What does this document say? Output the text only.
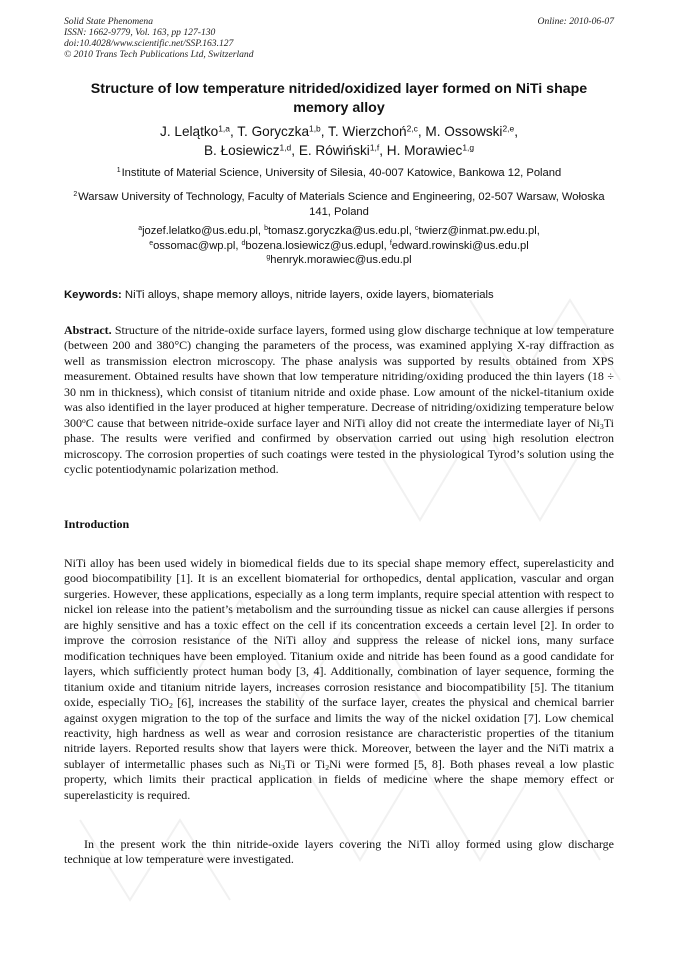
Solid State Phenomena
ISSN: 1662-9779, Vol. 163, pp 127-130
doi:10.4028/www.scientific.net/SSP.163.127
© 2010 Trans Tech Publications Ltd, Switzerland
Online: 2010-06-07
Structure of low temperature nitrided/oxidized layer formed on NiTi shape memory alloy
J. Lelątko$^{1,a}$, T. Goryczka$^{1,b}$, T. Wierzchoń$^{2,c}$, M. Ossowski$^{2,e}$,
B. Łosiewicz$^{1,d}$, E. Rówiński$^{1,f}$, H. Morawiec$^{1,g}$
$^1$ Institute of Material Science, University of Silesia, 40-007 Katowice, Bankowa 12, Poland
$^2$ Warsaw University of Technology, Faculty of Materials Science and Engineering, 02-507 Warsaw, Wołoska 141, Poland
$^a$jozef.lelatko@us.edu.pl, $^b$tomasz.goryczka@us.edu.pl, $^c$twierz@inmat.pw.edu.pl,
$^e$ossomac@wp.pl, $^d$bozena.losiewicz@us.edupl, $^f$edward.rowinski@us.edu.pl
$^g$henryk.morawiec@us.edu.pl
Keywords: NiTi alloys, shape memory alloys, nitride layers, oxide layers, biomaterials
Abstract. Structure of the nitride-oxide surface layers, formed using glow discharge technique at low temperature (between 200 and 380°C) changing the parameters of the process, was examined applying X-ray diffraction as well as transmission electron microscopy. The phase analysis was supported by results obtained from XPS measurement. Obtained results have shown that low temperature nitriding/oxiding produced the thin layers (18 ÷ 30 nm in thickness), which consist of titanium nitride and oxide phase. Low amount of the nickel-titanium oxide was also identified in the layer produced at higher temperature. Decrease of nitriding/oxidizing temperature below 300$^o$C cause that between nitride-oxide surface layer and NiTi alloy did not create the intermediate layer of $Ni_3Ti$ phase. The results were verified and confirmed by observation carried out using high resolution electron microscopy. The corrosion properties of such coatings were tested in the physiological Tyrod’s solution using the cyclic potentiodynamic polarization method.
Introduction

NiTi alloy has been used widely in biomedical fields due to its special shape memory effect, superelasticity and good biocompatibility [1]. It is an excellent biomaterial for orthopedics, dental application, vascular and organ surgeries. However, these applications, especially as a long term implants, require special attention with respect to nickel ion release into the patient’s metabolism and the surrounding tissue as nickel can cause allergies if persons are highly sensitive and has a toxic effect on the cell if its concentration exceeds a certain level [2]. In order to improve the corrosion resistance of the NiTi alloy and suppress the release of nickel ions, many surface modification techniques have been employed. Titanium oxide and nitride has been found as a good candidate for layers, which sufficiently protect human body [3, 4]. Additionally, combination of layer sequence, forming the titanium oxide and titanium nitride layers, increases corrosion resistance and biocompatibility [5]. The titanium oxide, especially TiO$_2$ [6], increases the stability of the surface layer, creates the physical and chemical barrier against oxygen migration to the top of the surface and limits the way of the nickel oxidation [7]. Low chemical reactivity, high hardness as well as wear and corrosion resistance are characteristic properties of the titanium nitride layers. Reported results show that layers were thick. Moreover, between the layer and the NiTi matrix a sublayer of intermetallic phases such as $Ni_3Ti$ or $Ti_2Ni$ were formed [5, 8]. Both phases reveal a low plastic property, which limits their practical application in fields of medicine where the shape memory effect or superelasticity is required.

In the present work the thin nitride-oxide layers covering the NiTi alloy formed using glow discharge technique at low temperature were investigated.
